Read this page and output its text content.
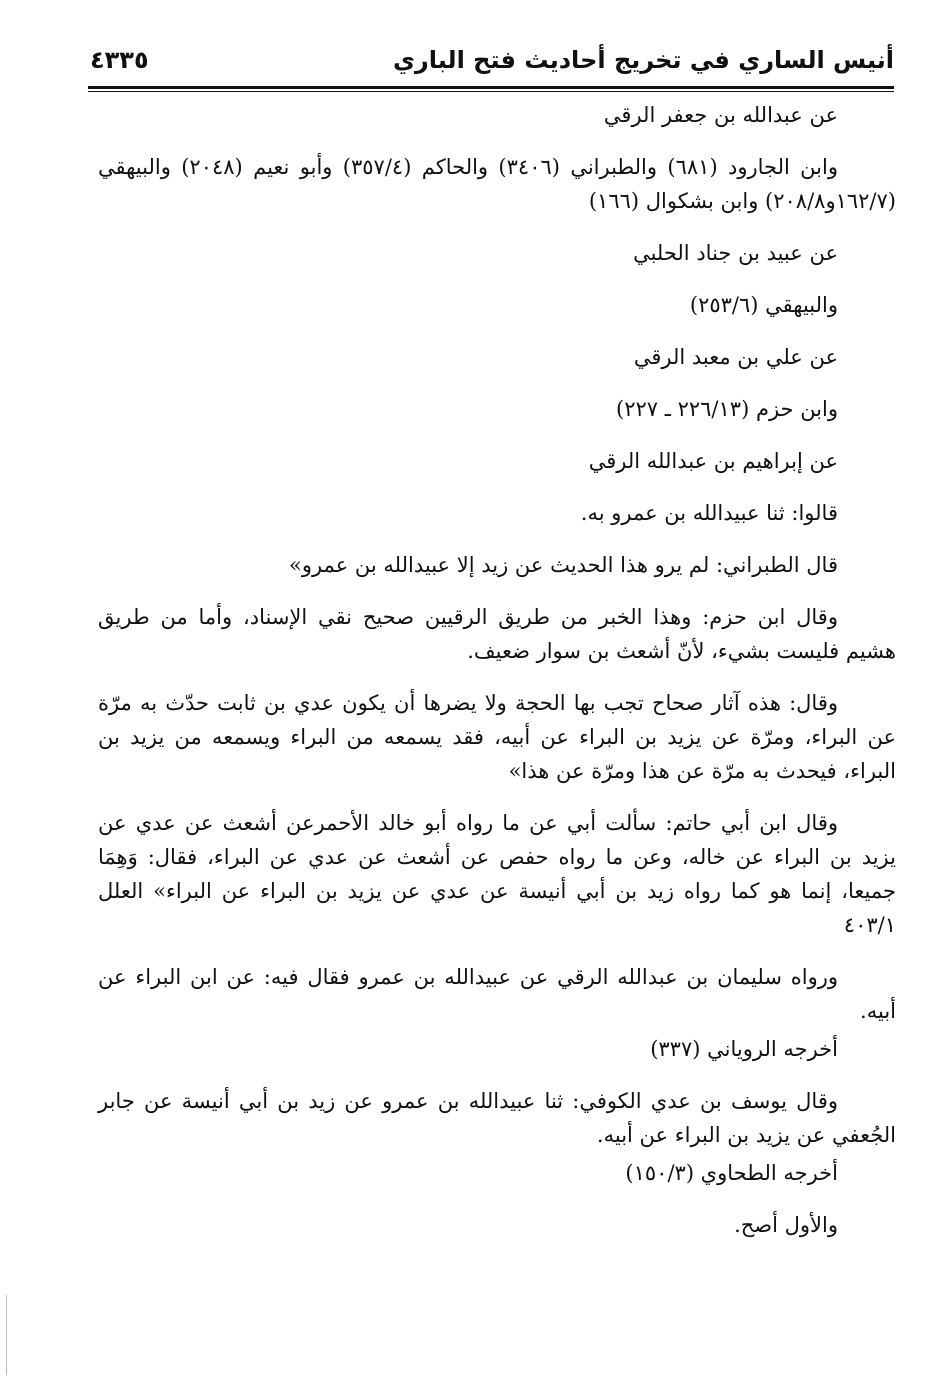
أنيس الساري في تخريج أحاديث فتح الباري
٤٣٣٥

عن عبدالله بن جعفر الرقي

وابن الجارود (٦٨١) والطبراني (٣٤٠٦) والحاكم (٣٥٧/٤) وأبو نعيم (٢٠٤٨) والبيهقي (١٦٢/٧و٢٠٨/٨) وابن بشكوال (١٦٦)

عن عبيد بن جناد الحلبي

والبيهقي (٢٥٣/٦)

عن علي بن معبد الرقي

وابن حزم (٢٢٦/١٣ ـ ٢٢٧)

عن إبراهيم بن عبدالله الرقي

قالوا: ثنا عبيدالله بن عمرو به.

قال الطبراني: لم يرو هذا الحديث عن زيد إلا عبيدالله بن عمرو»

وقال ابن حزم: وهذا الخبر من طريق الرقيين صحيح نقي الإسناد، وأما من طريق هشيم فليست بشيء، لأنّ أشعث بن سوار ضعيف.

وقال: هذه آثار صحاح تجب بها الحجة ولا يضرها أن يكون عدي بن ثابت حدّث به مرّة عن البراء، ومرّة عن يزيد بن البراء عن أبيه، فقد يسمعه من البراء ويسمعه من يزيد بن البراء، فيحدث به مرّة عن هذا ومرّة عن هذا»

وقال ابن أبي حاتم: سألت أبي عن ما رواه أبو خالد الأحمرعن أشعث عن عدي عن يزيد بن البراء عن خاله، وعن ما رواه حفص عن أشعث عن عدي عن البراء، فقال: وَهِمَا جميعا، إنما هو كما رواه زيد بن أبي أنيسة عن عدي عن يزيد بن البراء عن البراء» العلل ٤٠٣/١

ورواه سليمان بن عبدالله الرقي عن عبيدالله بن عمرو فقال فيه: عن ابن البراء عن أبيه.

أخرجه الروياني (٣٣٧)

وقال يوسف بن عدي الكوفي: ثنا عبيدالله بن عمرو عن زيد بن أبي أنيسة عن جابر الجُعفي عن يزيد بن البراء عن أبيه.

أخرجه الطحاوي (١٥٠/٣)

والأول أصح.
